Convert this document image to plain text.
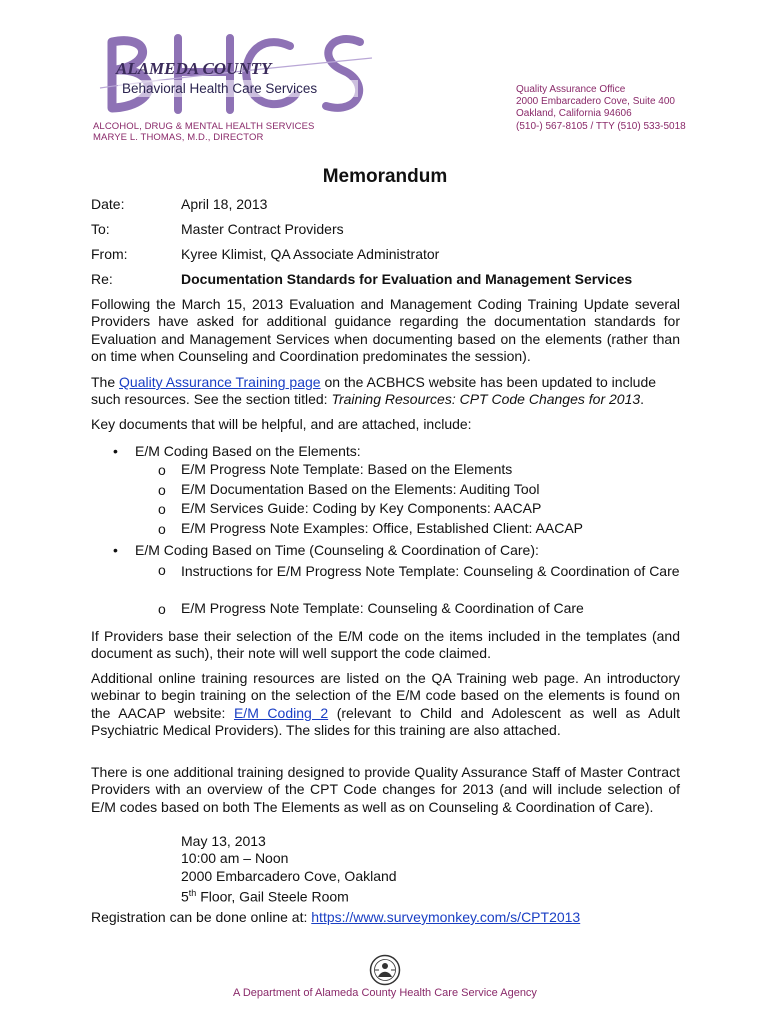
ALAMEDA COUNTY
Behavioral Health Care Services
ALCOHOL, DRUG & MENTAL HEALTH SERVICES
MARYE L. THOMAS, M.D., DIRECTOR
Quality Assurance Office
2000 Embarcadero Cove, Suite 400
Oakland, California 94606
(510-) 567-8105 / TTY (510) 533-5018
Memorandum
Date:	April 18, 2013
To:	Master Contract Providers
From:	Kyree Klimist, QA Associate Administrator
Re:	Documentation Standards for Evaluation and Management Services
Following the March 15, 2013 Evaluation and Management Coding Training Update several Providers have asked for additional guidance regarding the documentation standards for Evaluation and Management Services when documenting based on the elements (rather than on time when Counseling and Coordination predominates the session).
The Quality Assurance Training page on the ACBHCS website has been updated to include such resources. See the section titled: Training Resources: CPT Code Changes for 2013.
Key documents that will be helpful, and are attached, include:
• E/M Coding Based on the Elements:
o E/M Progress Note Template: Based on the Elements
o E/M Documentation Based on the Elements: Auditing Tool
o E/M Services Guide: Coding by Key Components: AACAP
o E/M Progress Note Examples: Office, Established Client: AACAP
• E/M Coding Based on Time (Counseling & Coordination of Care):
o Instructions for E/M Progress Note Template: Counseling & Coordination of Care
o E/M Progress Note Template: Counseling & Coordination of Care
If Providers base their selection of the E/M code on the items included in the templates (and document as such), their note will well support the code claimed.
Additional online training resources are listed on the QA Training web page. An introductory webinar to begin training on the selection of the E/M code based on the elements is found on the AACAP website: E/M Coding 2 (relevant to Child and Adolescent as well as Adult Psychiatric Medical Providers). The slides for this training are also attached.
There is one additional training designed to provide Quality Assurance Staff of Master Contract Providers with an overview of the CPT Code changes for 2013 (and will include selection of E/M codes based on both The Elements as well as on Counseling & Coordination of Care).
May 13, 2013
10:00 am – Noon
2000 Embarcadero Cove, Oakland
5th Floor, Gail Steele Room
Registration can be done online at: https://www.surveymonkey.com/s/CPT2013
A Department of Alameda County Health Care Service Agency
